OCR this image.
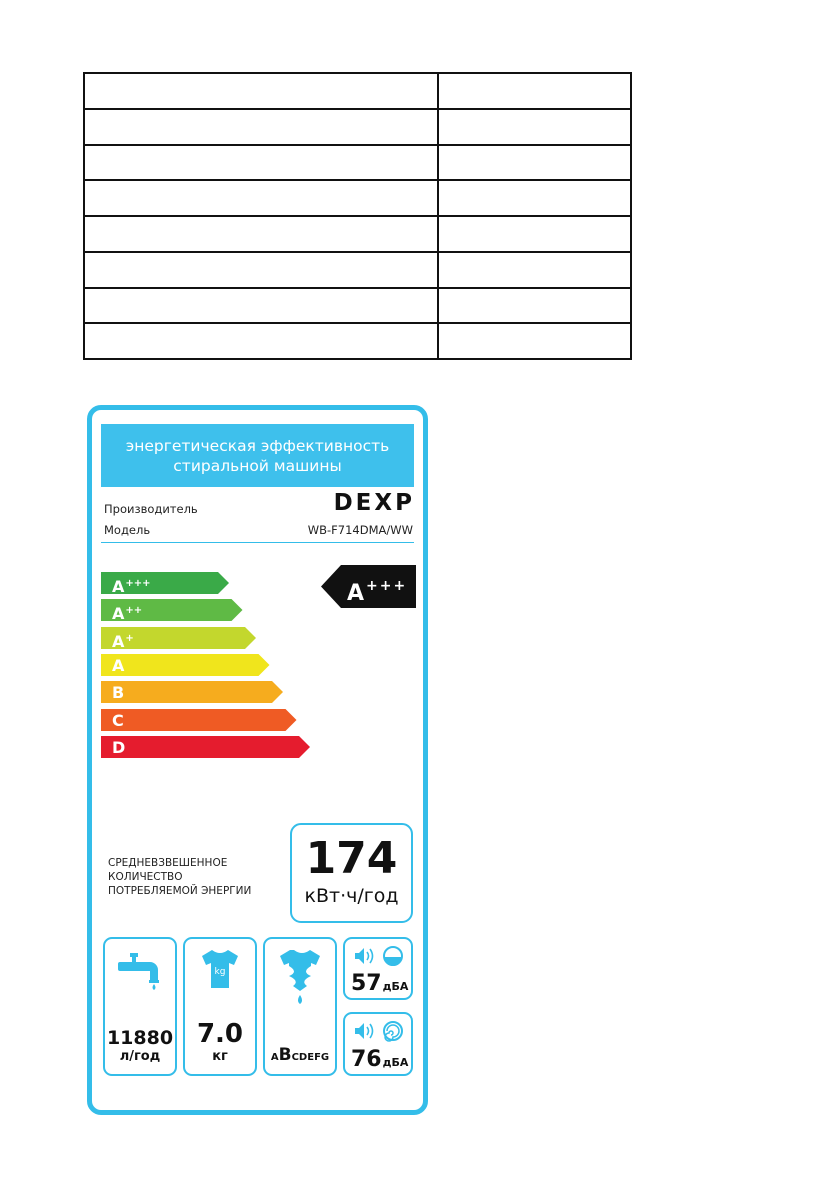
энергетическая эффективность
стиральной машины
Производитель	DEXP
Модель	WB-F714DMA/WW
A+++
A++
A+
A
B
C
D
A +++
СРЕДНЕВЗВЕШЕННОЕ
КОЛИЧЕСТВО
ПОТРЕБЛЯЕМОЙ ЭНЕРГИИ
174
кВт·ч/год
11880
л/год
kg
7.0
кг	ABCDEFG
57дБА
76дБА
